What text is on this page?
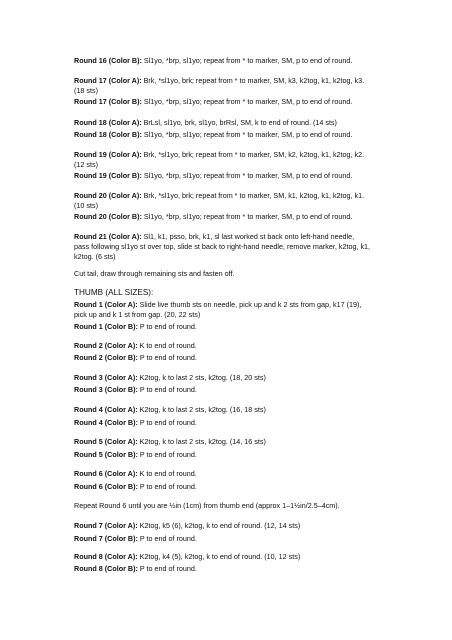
Round 16 (Color B): Sl1yo, *brp, sl1yo; repeat from * to marker, SM, p to end of round.
Round 17 (Color A): Brk, *sl1yo, brk; repeat from * to marker, SM, k3, k2tog, k1, k2tog, k3.
(18 sts)
Round 17 (Color B): Sl1yo, *brp, sl1yo; repeat from * to marker, SM, p to end of round.
Round 18 (Color A): BrLsl, sl1yo, brk, sl1yo, brRsl, SM, k to end of round. (14 sts)
Round 18 (Color B): Sl1yo, *brp, sl1yo; repeat from * to marker, SM, p to end of round.
Round 19 (Color A): Brk, *sl1yo, brk; repeat from * to marker, SM, k2, k2tog, k1, k2tog, k2.
(12 sts)
Round 19 (Color B): Sl1yo, *brp, sl1yo; repeat from * to marker, SM, p to end of round.
Round 20 (Color A): Brk, *sl1yo, brk; repeat from * to marker, SM, k1, k2tog, k1, k2tog, k1.
(10 sts)
Round 20 (Color B): Sl1yo, *brp, sl1yo; repeat from * to marker, SM, p to end of round.
Round 21 (Color A): Sl1, k1, psso, brk, k1, sl last worked st back onto left-hand needle,
pass following sl1yo st over top, slide st back to right-hand needle, remove marker, k2tog, k1,
k2tog. (6 sts)
Cut tail, draw through remaining sts and fasten off.
THUMB (ALL SIZES):
Round 1 (Color A): Slide live thumb sts on needle, pick up and k 2 sts from gap, k17 (19),
pick up and k 1 st from gap. (20, 22 sts)
Round 1 (Color B): P to end of round.
Round 2 (Color A): K to end of round.
Round 2 (Color B): P to end of round.
Round 3 (Color A): K2tog, k to last 2 sts, k2tog. (18, 20 sts)
Round 3 (Color B): P to end of round.
Round 4 (Color A): K2tog, k to last 2 sts, k2tog. (16, 18 sts)
Round 4 (Color B): P to end of round.
Round 5 (Color A): K2tog, k to last 2 sts, k2tog. (14, 16 sts)
Round 5 (Color B): P to end of round.
Round 6 (Color A): K to end of round.
Round 6 (Color B): P to end of round.
Repeat Round 6 until you are ½in (1cm) from thumb end (approx 1–1½in/2.5–4cm).
Round 7 (Color A): K2tog, k5 (6), k2tog, k to end of round. (12, 14 sts)
Round 7 (Color B): P to end of round.
Round 8 (Color A): K2tog, k4 (5), k2tog, k to end of round. (10, 12 sts)
Round 8 (Color B): P to end of round.
